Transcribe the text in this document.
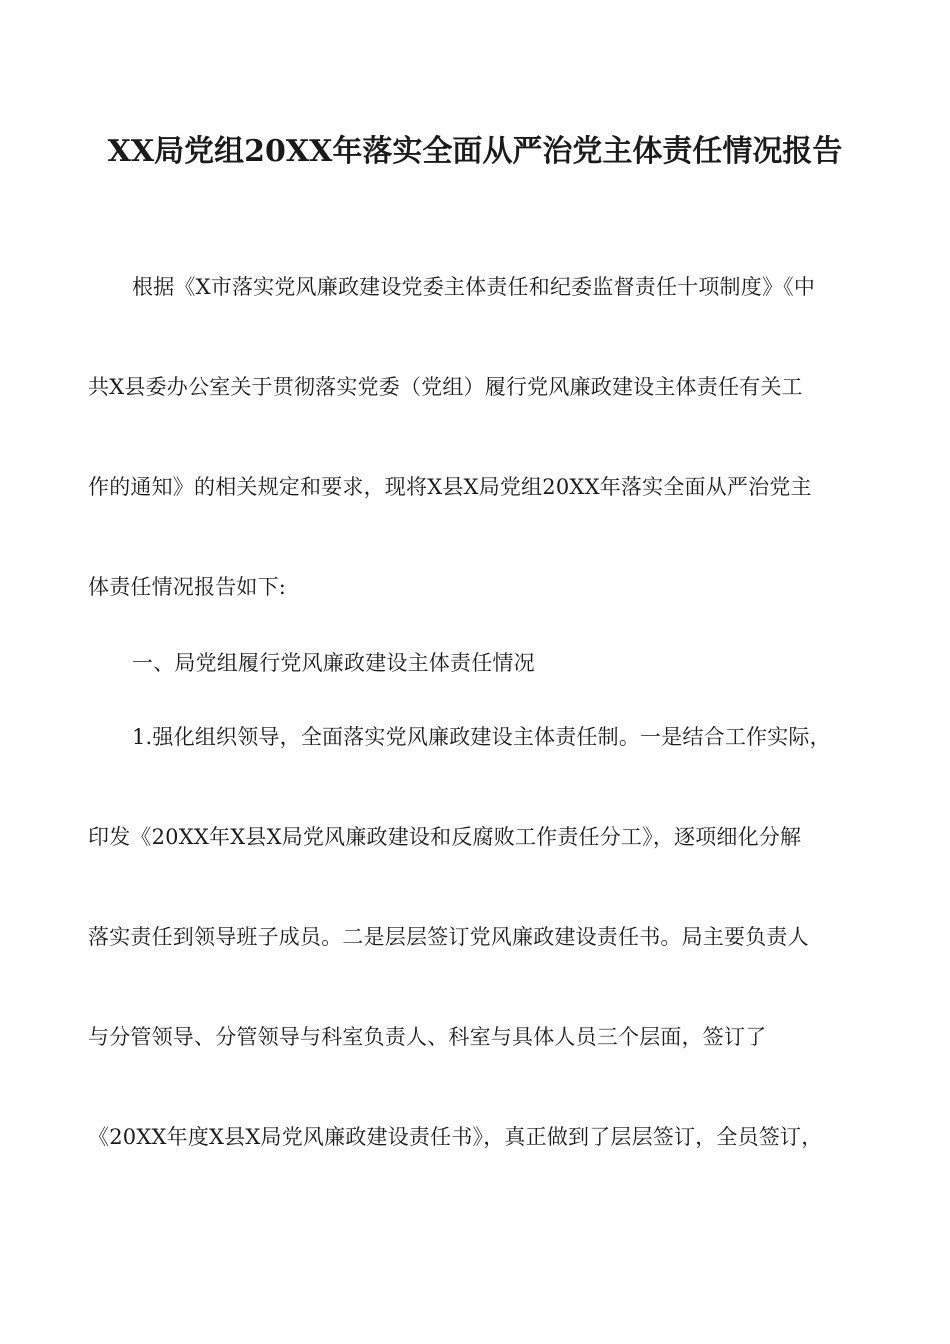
XX局党组20XX年落实全面从严治党主体责任情况报告
根据《X市落实党风廉政建设党委主体责任和纪委监督责任十项制度》《中
共X县委办公室关于贯彻落实党委（党组）履行党风廉政建设主体责任有关工
作的通知》的相关规定和要求，现将X县X局党组20XX年落实全面从严治党主
体责任情况报告如下:
一、局党组履行党风廉政建设主体责任情况
1.强化组织领导，全面落实党风廉政建设主体责任制。一是结合工作实际，
印发《20XX年X县X局党风廉政建设和反腐败工作责任分工》，逐项细化分解
落实责任到领导班子成员。二是层层签订党风廉政建设责任书。局主要负责人
与分管领导、分管领导与科室负责人、科室与具体人员三个层面，签订了
《20XX年度X县X局党风廉政建设责任书》，真正做到了层层签订，全员签订，
